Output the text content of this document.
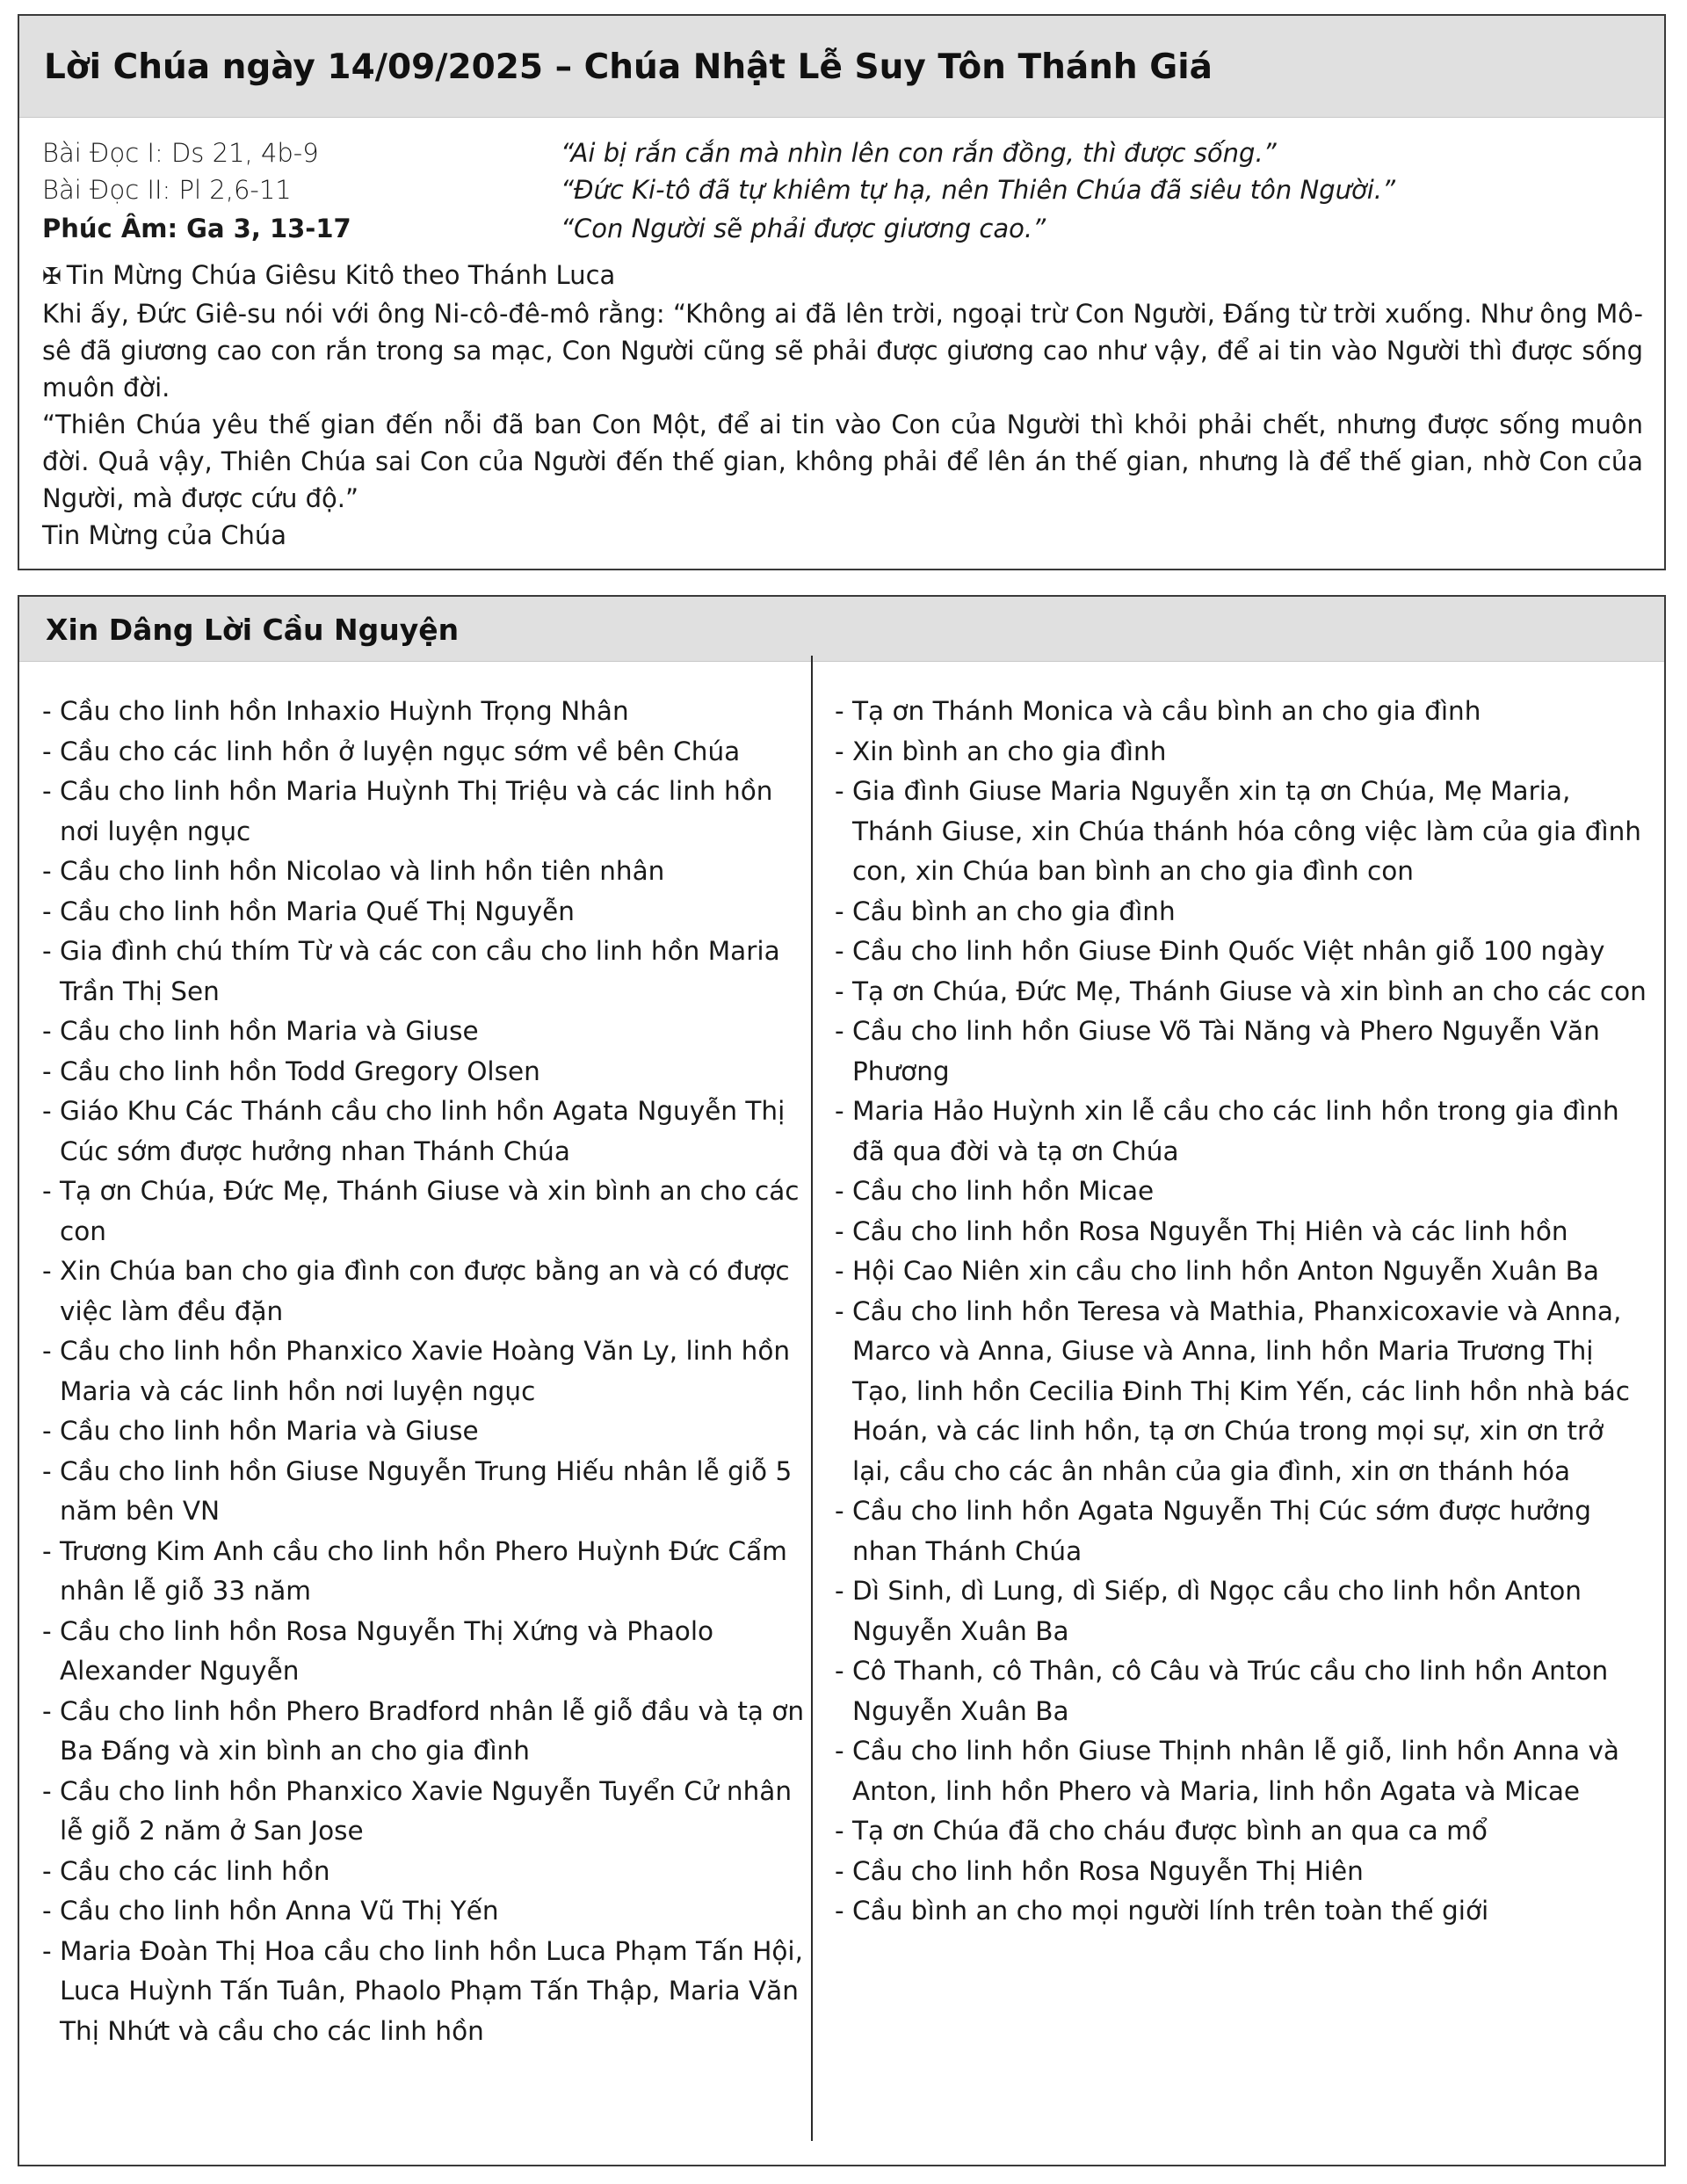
Lời Chúa ngày 14/09/2025 – Chúa Nhật Lễ Suy Tôn Thánh Giá
Bài Đọc I: Ds 21, 4b-9	“Ai bị rắn cắn mà nhìn lên con rắn đồng, thì được sống.”
Bài Đọc II: Pl 2,6-11	“Đức Ki-tô đã tự khiêm tự hạ, nên Thiên Chúa đã siêu tôn Người.”
Phúc Âm: Ga 3, 13-17	“Con Người sẽ phải được giương cao.”

✠ Tin Mừng Chúa Giêsu Kitô theo Thánh Luca

Khi ấy, Đức Giê-su nói với ông Ni-cô-đê-mô rằng: “Không ai đã lên trời, ngoại trừ Con Người, Đấng từ trời xuống. Như ông Mô-sê đã giương cao con rắn trong sa mạc, Con Người cũng sẽ phải được giương cao như vậy, để ai tin vào Người thì được sống muôn đời.

“Thiên Chúa yêu thế gian đến nỗi đã ban Con Một, để ai tin vào Con của Người thì khỏi phải chết, nhưng được sống muôn đời. Quả vậy, Thiên Chúa sai Con của Người đến thế gian, không phải để lên án thế gian, nhưng là để thế gian, nhờ Con của Người, mà được cứu độ.”

Tin Mừng của Chúa

Xin Dâng Lời Cầu Nguyện
- Cầu cho linh hồn Inhaxio Huỳnh Trọng Nhân
- Cầu cho các linh hồn ở luyện ngục sớm về bên Chúa
- Cầu cho linh hồn Maria Huỳnh Thị Triệu và các linh hồn nơi luyện ngục
- Cầu cho linh hồn Nicolao và linh hồn tiên nhân
- Cầu cho linh hồn Maria Quế Thị Nguyễn
- Gia đình chú thím Từ và các con cầu cho linh hồn Maria Trần Thị Sen
- Cầu cho linh hồn Maria và Giuse
- Cầu cho linh hồn Todd Gregory Olsen
- Giáo Khu Các Thánh cầu cho linh hồn Agata Nguyễn Thị Cúc sớm được hưởng nhan Thánh Chúa
- Tạ ơn Chúa, Đức Mẹ, Thánh Giuse và xin bình an cho các con
- Xin Chúa ban cho gia đình con được bằng an và có được việc làm đều đặn
- Cầu cho linh hồn Phanxico Xavie Hoàng Văn Ly, linh hồn Maria và các linh hồn nơi luyện ngục
- Cầu cho linh hồn Maria và Giuse
- Cầu cho linh hồn Giuse Nguyễn Trung Hiếu nhân lễ giỗ 5 năm bên VN
- Trương Kim Anh cầu cho linh hồn Phero Huỳnh Đức Cẩm nhân lễ giỗ 33 năm
- Cầu cho linh hồn Rosa Nguyễn Thị Xứng và Phaolo Alexander Nguyễn
- Cầu cho linh hồn Phero Bradford nhân lễ giỗ đầu và tạ ơn Ba Đấng và xin bình an cho gia đình
- Cầu cho linh hồn Phanxico Xavie Nguyễn Tuyển Cử nhân lễ giỗ 2 năm ở San Jose
- Cầu cho các linh hồn
- Cầu cho linh hồn Anna Vũ Thị Yến
- Maria Đoàn Thị Hoa cầu cho linh hồn Luca Phạm Tấn Hội, Luca Huỳnh Tấn Tuân, Phaolo Phạm Tấn Thập, Maria Văn Thị Nhứt và cầu cho các linh hồn
- Tạ ơn Thánh Monica và cầu bình an cho gia đình
- Xin bình an cho gia đình
- Gia đình Giuse Maria Nguyễn xin tạ ơn Chúa, Mẹ Maria, Thánh Giuse, xin Chúa thánh hóa công việc làm của gia đình con, xin Chúa ban bình an cho gia đình con
- Cầu bình an cho gia đình
- Cầu cho linh hồn Giuse Đinh Quốc Việt nhân giỗ 100 ngày
- Tạ ơn Chúa, Đức Mẹ, Thánh Giuse và xin bình an cho các con
- Cầu cho linh hồn Giuse Võ Tài Năng và Phero Nguyễn Văn Phương
- Maria Hảo Huỳnh xin lễ cầu cho các linh hồn trong gia đình đã qua đời và tạ ơn Chúa
- Cầu cho linh hồn Micae
- Cầu cho linh hồn Rosa Nguyễn Thị Hiên và các linh hồn
- Hội Cao Niên xin cầu cho linh hồn Anton Nguyễn Xuân Ba
- Cầu cho linh hồn Teresa và Mathia, Phanxicoxavie và Anna, Marco và Anna, Giuse và Anna, linh hồn Maria Trương Thị Tạo, linh hồn Cecilia Đinh Thị Kim Yến, các linh hồn nhà bác Hoán, và các linh hồn, tạ ơn Chúa trong mọi sự, xin ơn trở lại, cầu cho các ân nhân của gia đình, xin ơn thánh hóa
- Cầu cho linh hồn Agata Nguyễn Thị Cúc sớm được hưởng nhan Thánh Chúa
- Dì Sinh, dì Lung, dì Siếp, dì Ngọc cầu cho linh hồn Anton Nguyễn Xuân Ba
- Cô Thanh, cô Thân, cô Câu và Trúc cầu cho linh hồn Anton Nguyễn Xuân Ba
- Cầu cho linh hồn Giuse Thịnh nhân lễ giỗ, linh hồn Anna và Anton, linh hồn Phero và Maria, linh hồn Agata và Micae
- Tạ ơn Chúa đã cho cháu được bình an qua ca mổ
- Cầu cho linh hồn Rosa Nguyễn Thị Hiên
- Cầu bình an cho mọi người lính trên toàn thế giới
